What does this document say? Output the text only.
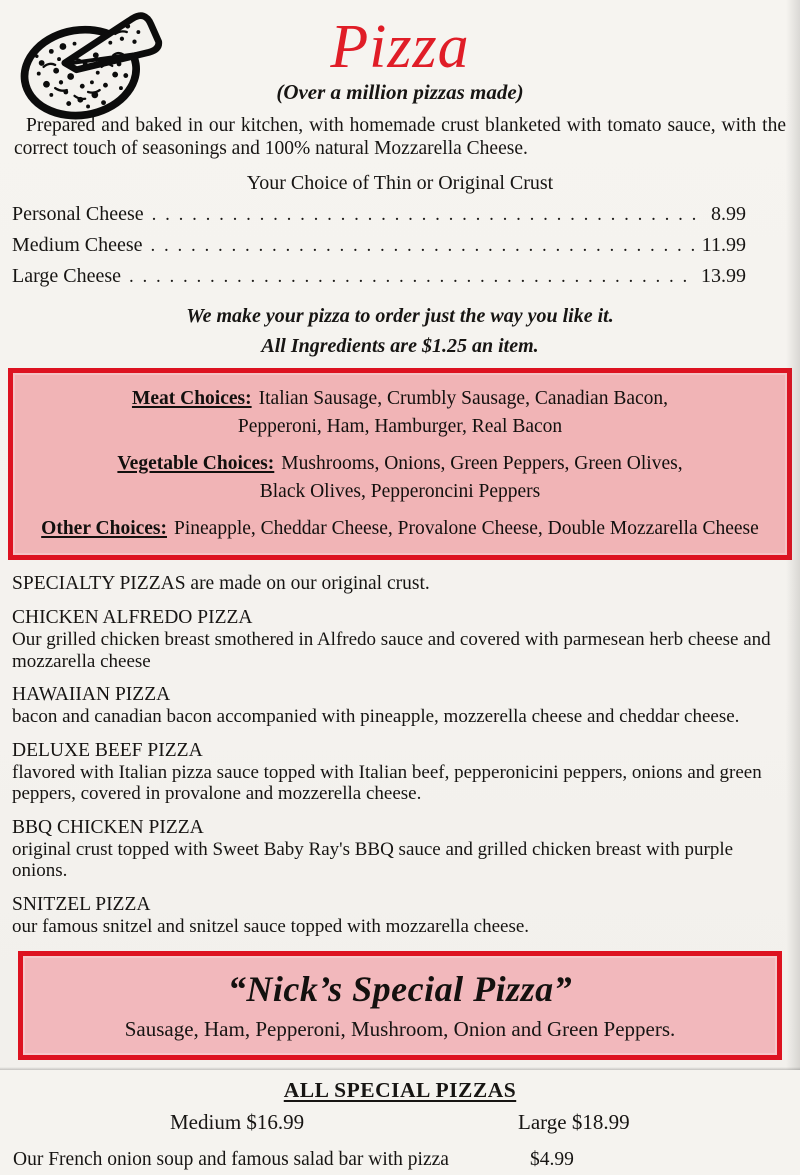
Pizza
(Over a million pizzas made)

Prepared and baked in our kitchen, with homemade crust blanketed with tomato sauce, with the correct touch of seasonings and 100% natural Mozzarella Cheese.

Your Choice of Thin or Original Crust
Personal Cheese . . .	8.99
Medium Cheese . . .	11.99
Large Cheese . . .	13.99
We make your pizza to order just the way you like it.
All Ingredients are $1.25 an item.
Meat Choices: Italian Sausage, Crumbly Sausage, Canadian Bacon,
Pepperoni, Ham, Hamburger, Real Bacon
Vegetable Choices: Mushrooms, Onions, Green Peppers, Green Olives,
Black Olives, Pepperoncini Peppers
Other Choices: Pineapple, Cheddar Cheese, Provalone Cheese, Double Mozzarella Cheese
SPECIALTY PIZZAS are made on our original crust.
CHICKEN ALFREDO PIZZA
Our grilled chicken breast smothered in Alfredo sauce and covered with parmesean herb cheese and mozzarella cheese
HAWAIIAN PIZZA
bacon and canadian bacon accompanied with pineapple, mozzerella cheese and cheddar cheese.
DELUXE BEEF PIZZA
flavored with Italian pizza sauce topped with Italian beef, pepperonicini peppers, onions and green peppers, covered in provalone and mozzerella cheese.
BBQ CHICKEN PIZZA
original crust topped with Sweet Baby Ray's BBQ sauce and grilled chicken breast with purple onions.
SNITZEL PIZZA
our famous snitzel and snitzel sauce topped with mozzarella cheese.
“Nick’s Special Pizza”
Sausage, Ham, Pepperoni, Mushroom, Onion and Green Peppers.
ALL SPECIAL PIZZAS
Medium $16.99	Large $18.99
Our French onion soup and famous salad bar with pizza	$4.99
